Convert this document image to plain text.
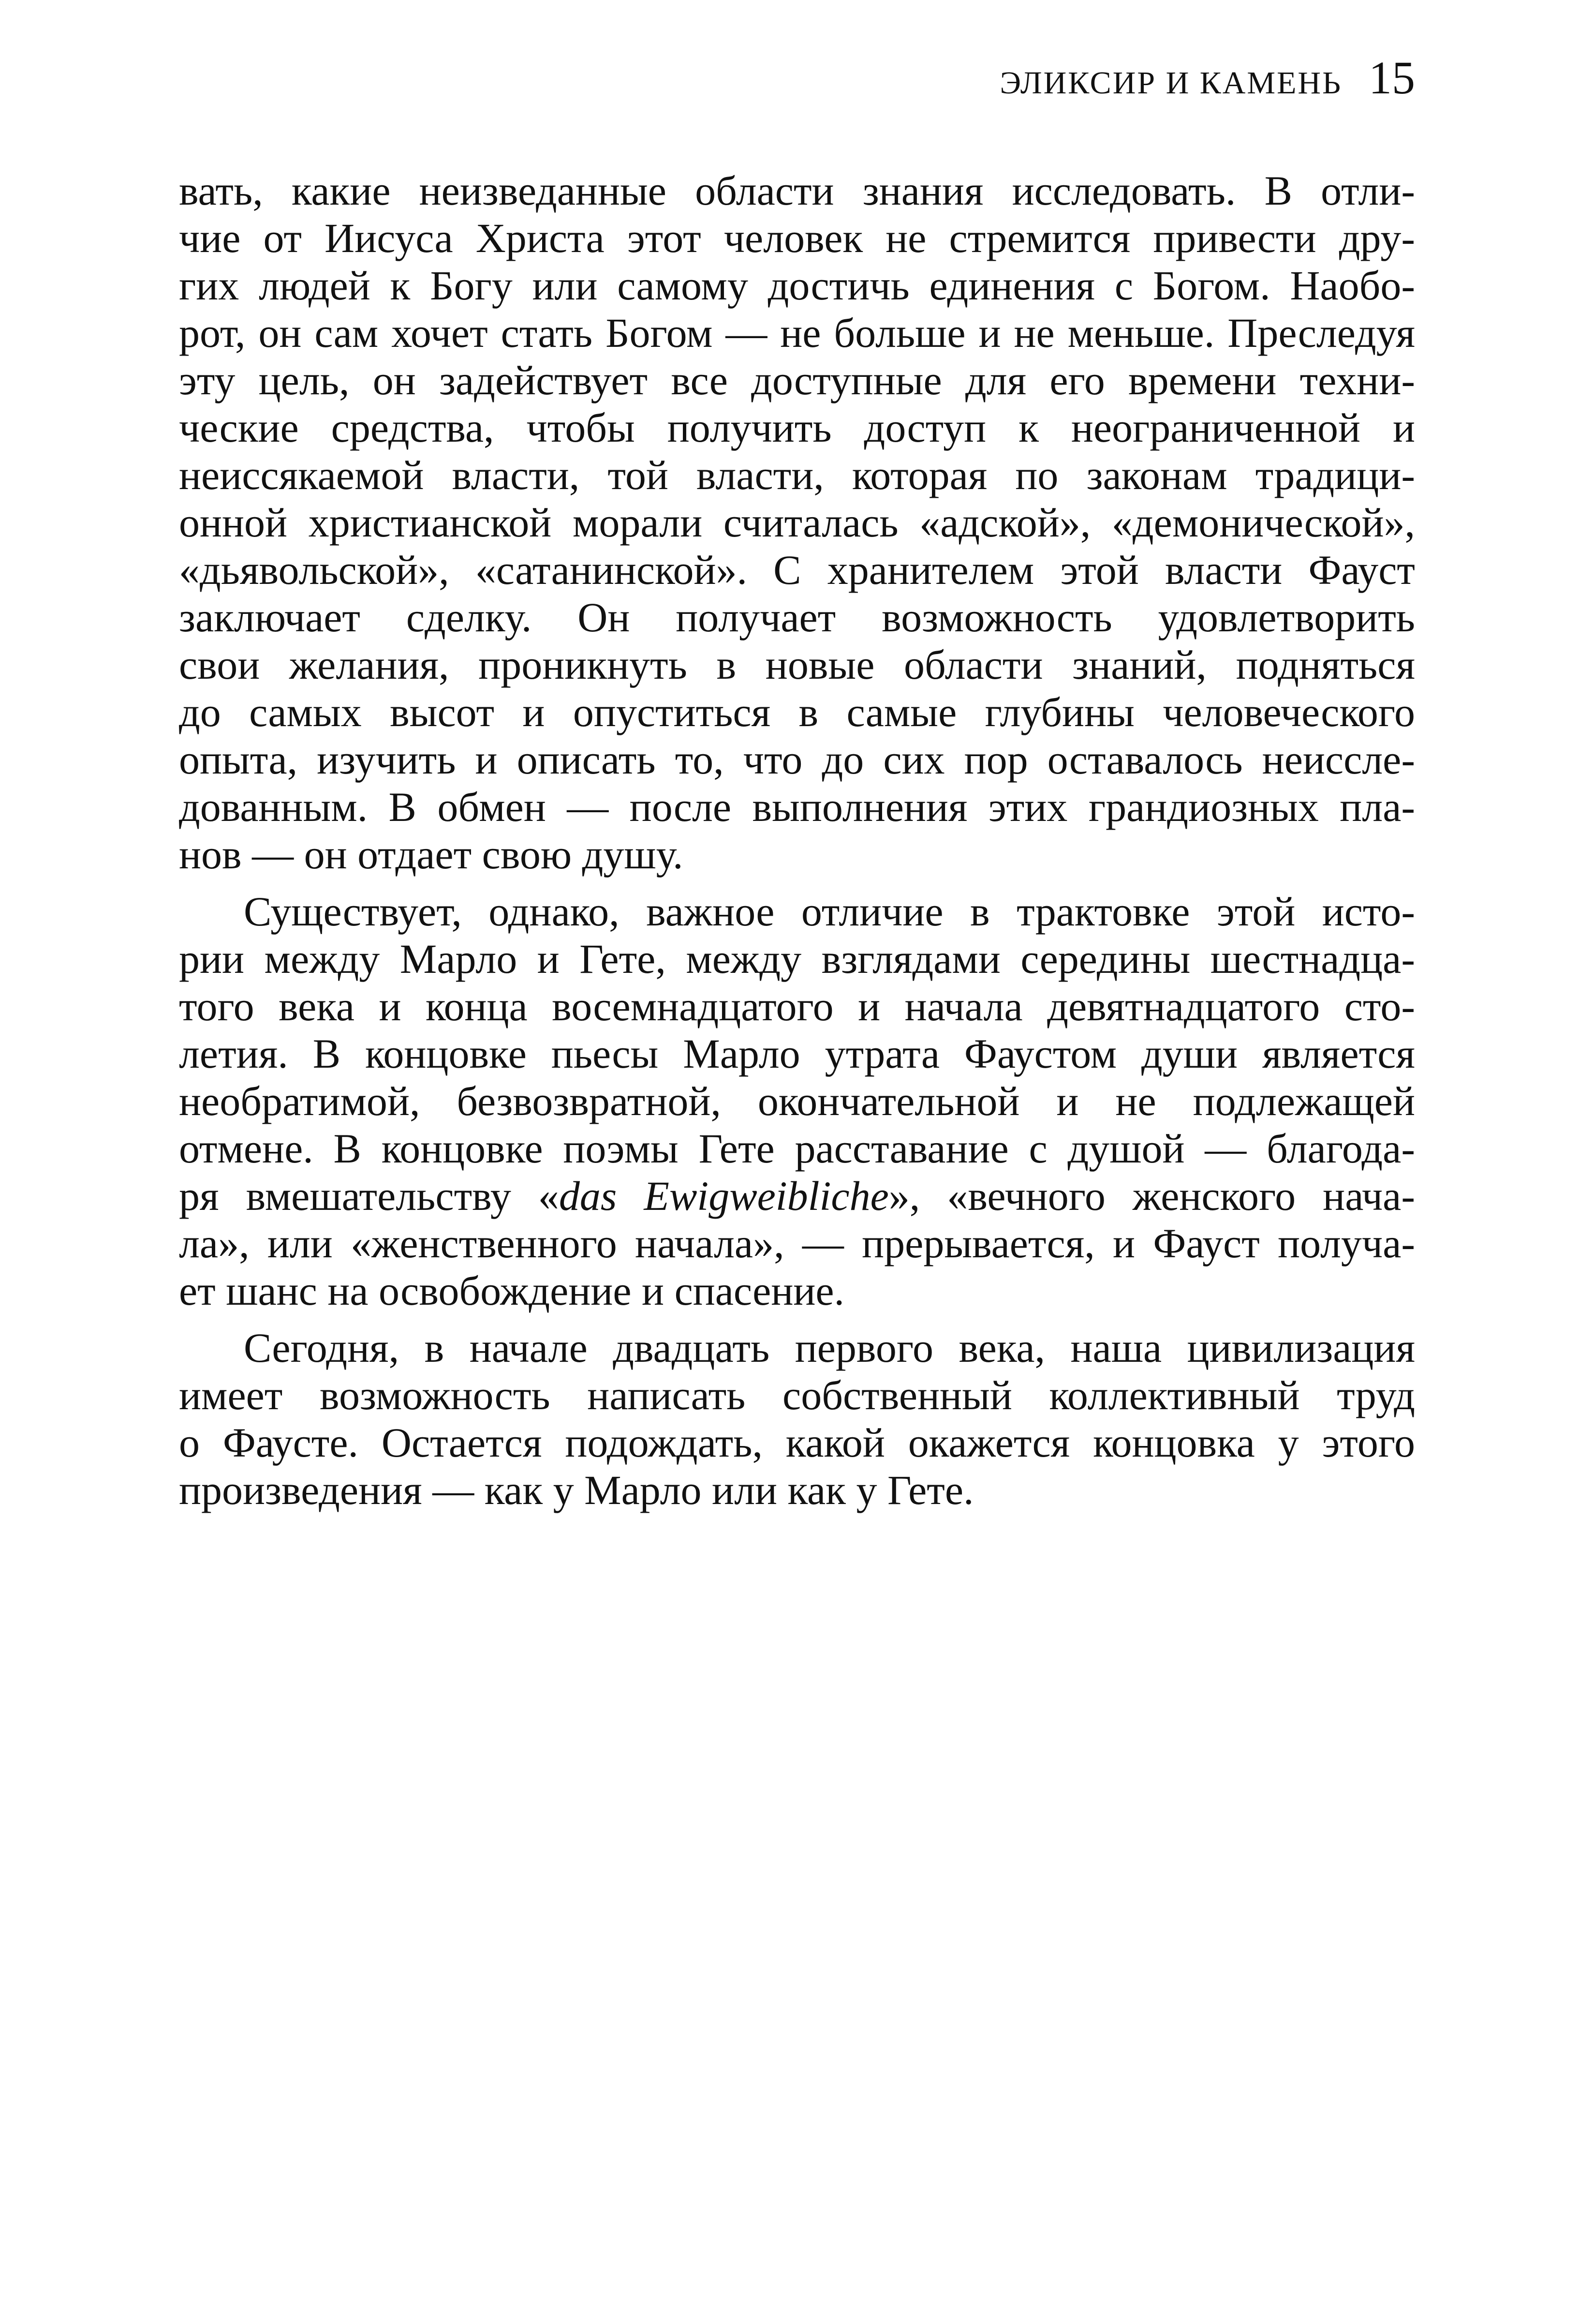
ЭЛИКСИР И КАМЕНЬ 15

вать, какие неизведанные области знания исследовать. В отли-
чие от Иисуса Христа этот человек не стремится привести дру-
гих людей к Богу или самому достичь единения с Богом. Наобо-
рот, он сам хочет стать Богом — не больше и не меньше. Преследуя
эту цель, он задействует все доступные для его времени техни-
ческие средства, чтобы получить доступ к неограниченной и
неиссякаемой власти, той власти, которая по законам традици-
онной христианской морали считалась «адской», «демонической»,
«дьявольской», «сатанинской». С хранителем этой власти Фауст
заключает сделку. Он получает возможность удовлетворить
свои желания, проникнуть в новые области знаний, подняться
до самых высот и опуститься в самые глубины человеческого
опыта, изучить и описать то, что до сих пор оставалось неиссле-
дованным. В обмен — после выполнения этих грандиозных пла-
нов — он отдает свою душу.

Существует, однако, важное отличие в трактовке этой исто-
рии между Марло и Гете, между взглядами середины шестнадца-
того века и конца восемнадцатого и начала девятнадцатого сто-
летия. В концовке пьесы Марло утрата Фаустом души является
необратимой, безвозвратной, окончательной и не подлежащей
отмене. В концовке поэмы Гете расставание с душой — благода-
ря вмешательству «das Ewigweibliche», «вечного женского нача-
ла», или «женственного начала», — прерывается, и Фауст получа-
ет шанс на освобождение и спасение.

Сегодня, в начале двадцать первого века, наша цивилизация
имеет возможность написать собственный коллективный труд
о Фаусте. Остается подождать, какой окажется концовка у этого
произведения — как у Марло или как у Гете.
